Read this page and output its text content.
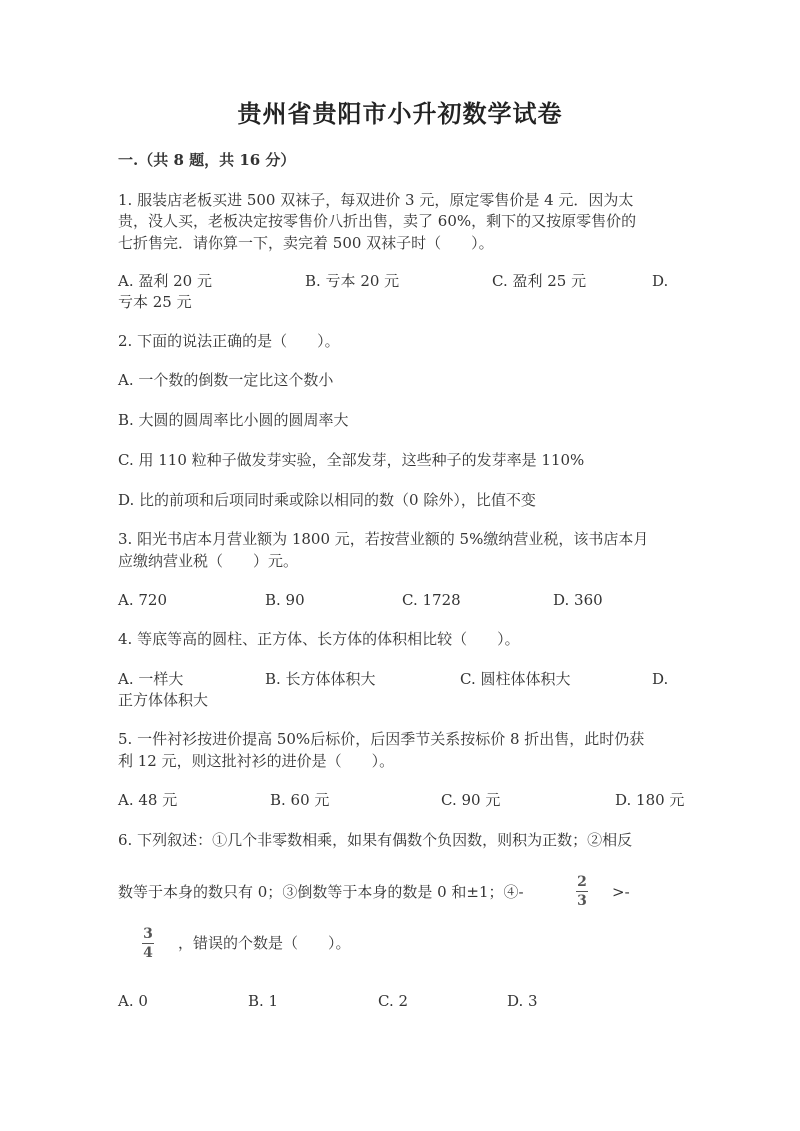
贵州省贵阳市小升初数学试卷
一.（共 8 题，共 16 分）
1. 服装店老板买进 500 双袜子，每双进价 3 元，原定零售价是 4 元．因为太
贵，没人买，老板决定按零售价八折出售，卖了 60%，剩下的又按原零售价的
七折售完．请你算一下，卖完着 500 双袜子时（　　）。
A. 盈利 20 元	B. 亏本 20 元	C. 盈利 25 元	D.
亏本 25 元
2. 下面的说法正确的是（　　）。
A. 一个数的倒数一定比这个数小
B. 大圆的圆周率比小圆的圆周率大
C. 用 110 粒种子做发芽实验，全部发芽，这些种子的发芽率是 110%
D. 比的前项和后项同时乘或除以相同的数（0 除外），比值不变
3. 阳光书店本月营业额为 1800 元，若按营业额的 5%缴纳营业税，该书店本月
应缴纳营业税（　　）元。
A. 720	B. 90	C. 1728	D. 360
4. 等底等高的圆柱、正方体、长方体的体积相比较（　　）。
A. 一样大	B. 长方体体积大	C. 圆柱体体积大	D.
正方体体积大
5. 一件衬衫按进价提高 50%后标价，后因季节关系按标价 8 折出售，此时仍获
利 12 元，则这批衬衫的进价是（　　）。
A. 48 元	B. 60 元	C. 90 元	D. 180 元
6. 下列叙述：①几个非零数相乘，如果有偶数个负因数，则积为正数；②相反
数等于本身的数只有 0；③倒数等于本身的数是 0 和±1；④-
2
3 >-
3
4
，错误的个数是（　　）。
A. 0	B. 1	C. 2	D. 3
